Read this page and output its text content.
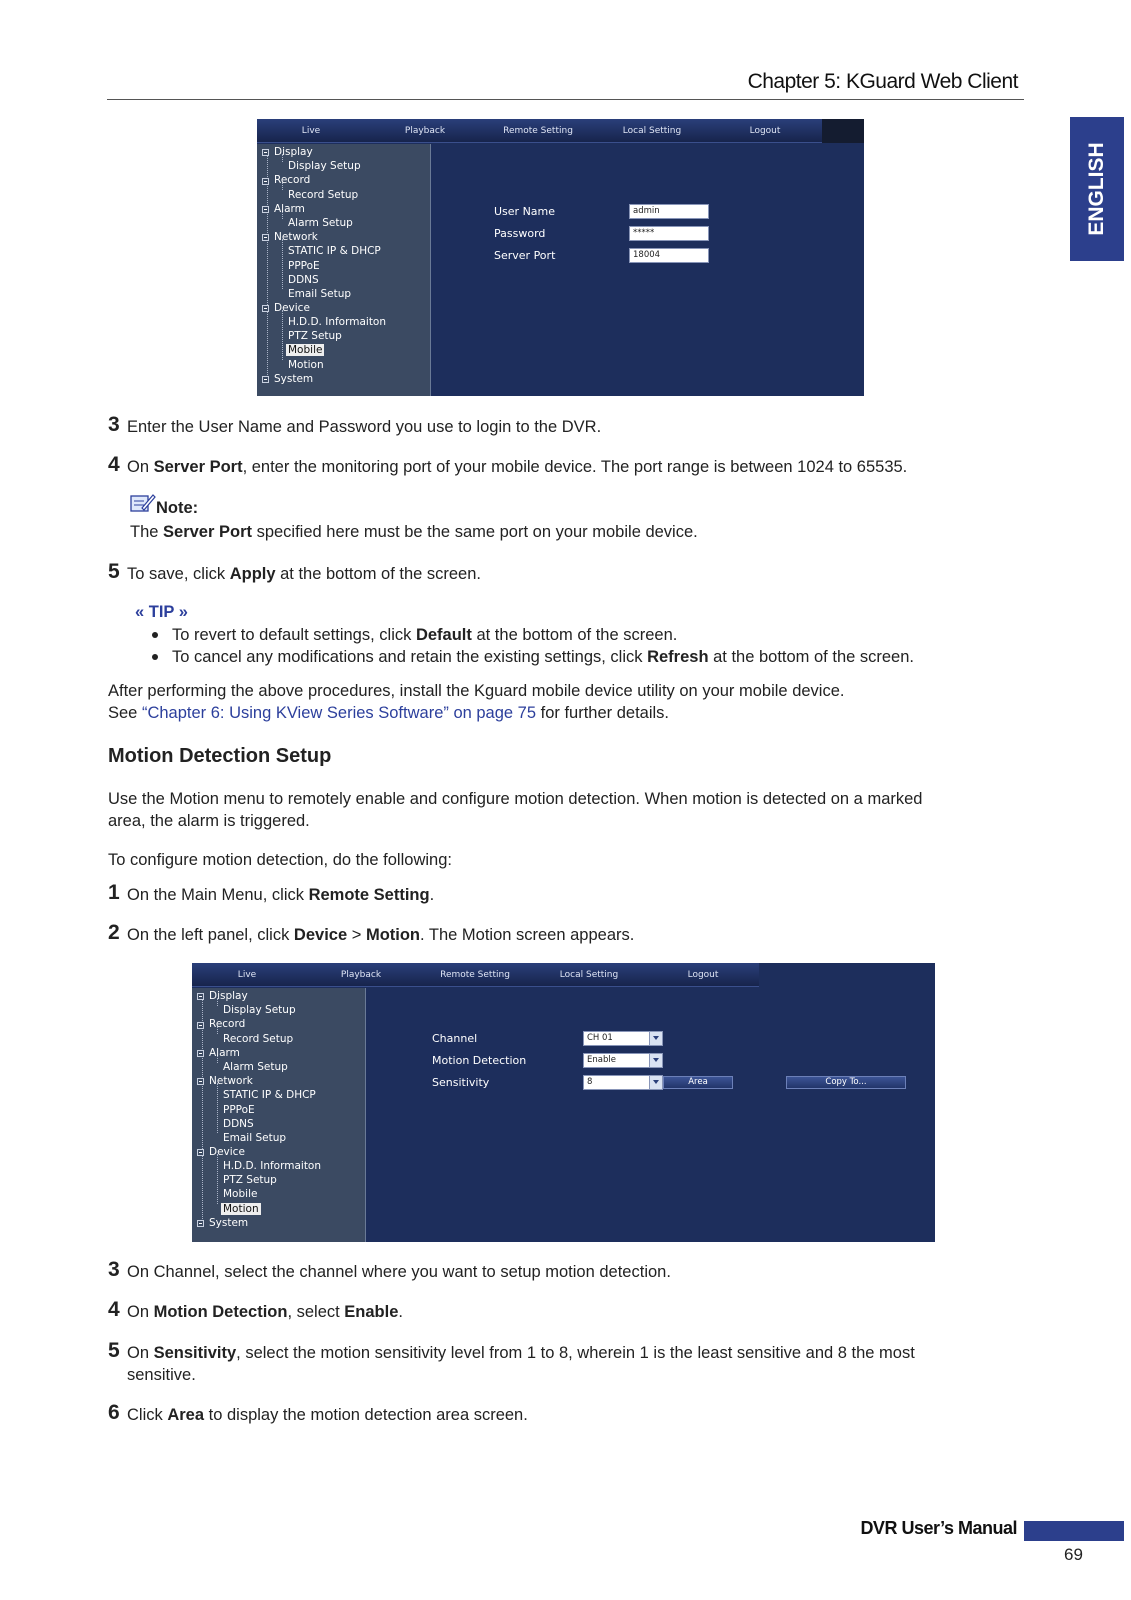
Chapter 5: KGuard Web Client
ENGLISH
Live	Playback	Remote Setting	Local Setting	Logout
Display
Display Setup
Record
Record Setup
Alarm
Alarm Setup
Network
STATIC IP & DHCP
PPPoE
DDNS
Email Setup
Device
H.D.D. Informaiton
PTZ Setup
Mobile
Motion
System
User Name	admin
Password	*****
Server Port	18004
3 Enter the User Name and Password you use to login to the DVR.
4 On Server Port, enter the monitoring port of your mobile device. The port range is between 1024 to 65535.
Note:
The Server Port specified here must be the same port on your mobile device.
5 To save, click Apply at the bottom of the screen.
« TIP »
To revert to default settings, click Default at the bottom of the screen.
To cancel any modifications and retain the existing settings, click Refresh at the bottom of the screen.
After performing the above procedures, install the Kguard mobile device utility on your mobile device.
See “Chapter 6: Using KView Series Software” on page 75 for further details.
Motion Detection Setup
Use the Motion menu to remotely enable and configure motion detection. When motion is detected on a marked
area, the alarm is triggered.
To configure motion detection, do the following:
1 On the Main Menu, click Remote Setting.
2 On the left panel, click Device > Motion. The Motion screen appears.
Live	Playback	Remote Setting	Local Setting	Logout
Display
Display Setup
Record
Record Setup
Alarm
Alarm Setup
Network
STATIC IP & DHCP
PPPoE
DDNS
Email Setup
Device
H.D.D. Informaiton
PTZ Setup
Mobile
Motion
System
Channel	CH 01
Motion Detection	Enable
Sensitivity	8	Area	Copy To...
3 On Channel, select the channel where you want to setup motion detection.
4 On Motion Detection, select Enable.
5 On Sensitivity, select the motion sensitivity level from 1 to 8, wherein 1 is the least sensitive and 8 the most
sensitive.
6 Click Area to display the motion detection area screen.
DVR User’s Manual
69
